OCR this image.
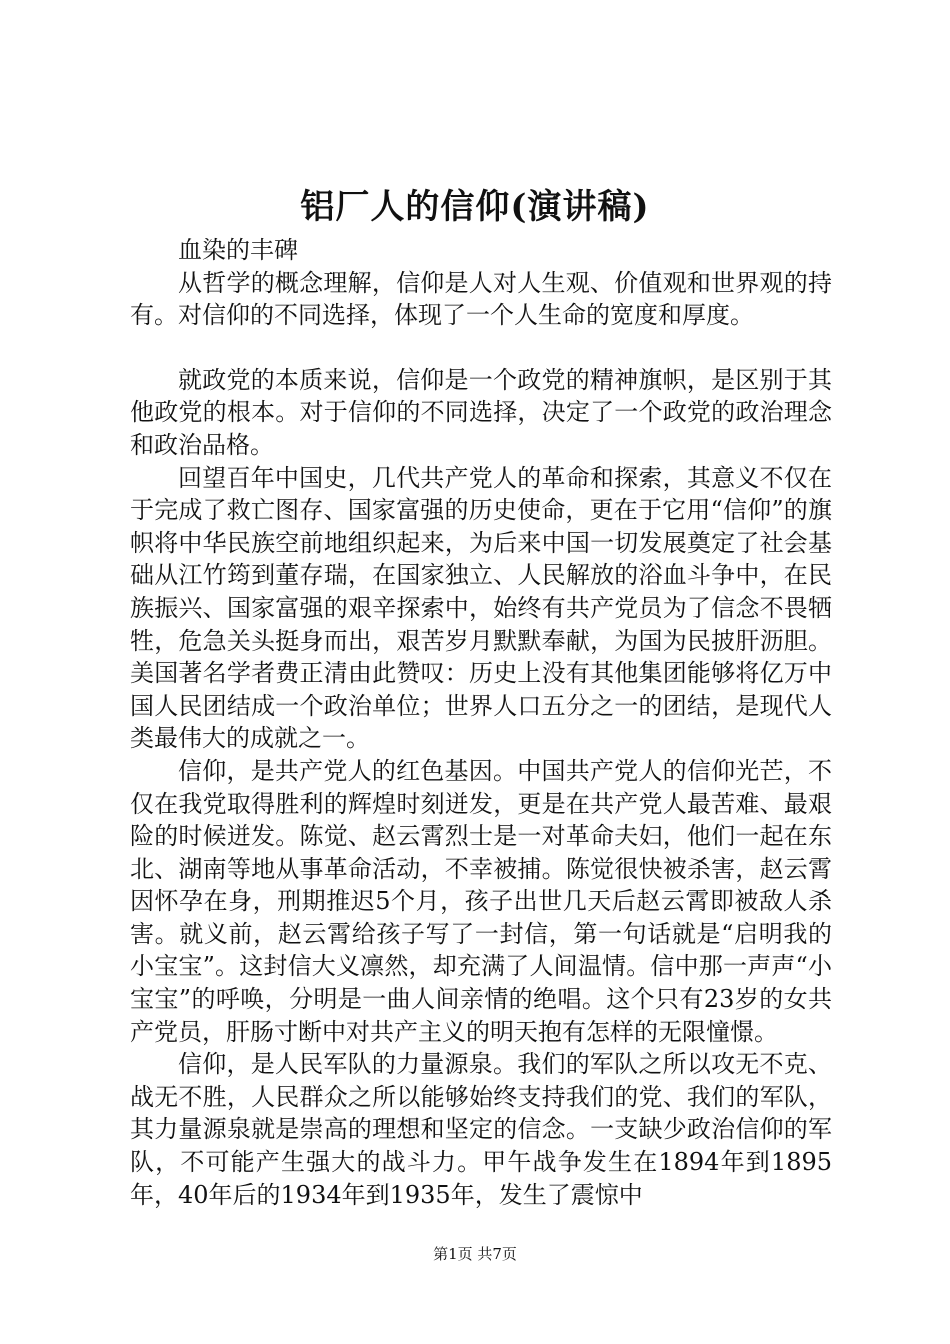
铝厂人的信仰(演讲稿)

血染的丰碑

从哲学的概念理解，信仰是人对人生观、价值观和世界观的持有。对信仰的不同选择，体现了一个人生命的宽度和厚度。

就政党的本质来说，信仰是一个政党的精神旗帜，是区别于其他政党的根本。对于信仰的不同选择，决定了一个政党的政治理念和政治品格。

回望百年中国史，几代共产党人的革命和探索，其意义不仅在于完成了救亡图存、国家富强的历史使命，更在于它用“信仰”的旗帜将中华民族空前地组织起来，为后来中国一切发展奠定了社会基础从江竹筠到董存瑞，在国家独立、人民解放的浴血斗争中，在民族振兴、国家富强的艰辛探索中，始终有共产党员为了信念不畏牺牲，危急关头挺身而出，艰苦岁月默默奉献，为国为民披肝沥胆。美国著名学者费正清由此赞叹：历史上没有其他集团能够将亿万中国人民团结成一个政治单位；世界人口五分之一的团结，是现代人类最伟大的成就之一。

信仰，是共产党人的红色基因。中国共产党人的信仰光芒，不仅在我党取得胜利的辉煌时刻迸发，更是在共产党人最苦难、最艰险的时候迸发。陈觉、赵云霄烈士是一对革命夫妇，他们一起在东北、湖南等地从事革命活动，不幸被捕。陈觉很快被杀害，赵云霄因怀孕在身，刑期推迟5个月，孩子出世几天后赵云霄即被敌人杀害。就义前，赵云霄给孩子写了一封信，第一句话就是“启明我的小宝宝”。这封信大义凛然，却充满了人间温情。信中那一声声“小宝宝”的呼唤，分明是一曲人间亲情的绝唱。这个只有23岁的女共产党员，肝肠寸断中对共产主义的明天抱有怎样的无限憧憬。

信仰，是人民军队的力量源泉。我们的军队之所以攻无不克、战无不胜，人民群众之所以能够始终支持我们的党、我们的军队，其力量源泉就是崇高的理想和坚定的信念。一支缺少政治信仰的军队，不可能产生强大的战斗力。甲午战争发生在1894年到1895年，40年后的1934年到1935年，发生了震惊中

第1页 共7页
